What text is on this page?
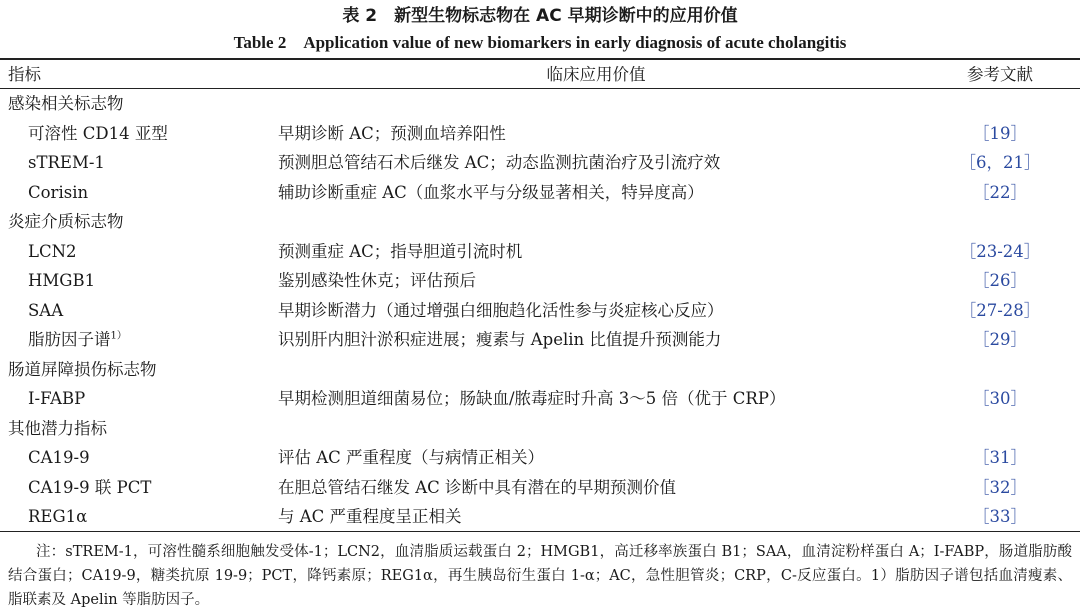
表 2　新型生物标志物在 AC 早期诊断中的应用价值
Table 2　Application value of new biomarkers in early diagnosis of acute cholangitis
指标	临床应用价值	参考文献
感染相关标志物
可溶性 CD14 亚型	早期诊断 AC；预测血培养阳性	［19］
sTREM-1	预测胆总管结石术后继发 AC；动态监测抗菌治疗及引流疗效	［6，21］
Corisin	辅助诊断重症 AC（血浆水平与分级显著相关，特异度高）	［22］
炎症介质标志物
LCN2	预测重症 AC；指导胆道引流时机	［23-24］
HMGB1	鉴别感染性休克；评估预后	［26］
SAA	早期诊断潜力（通过增强白细胞趋化活性参与炎症核心反应）	［27-28］
脂肪因子谱$^{1)}$	识别肝内胆汁淤积症进展；瘦素与 Apelin 比值提升预测能力	［29］
肠道屏障损伤标志物
I-FABP	早期检测胆道细菌易位；肠缺血/脓毒症时升高 3～5 倍（优于 CRP）	［30］
其他潜力指标
CA19-9	评估 AC 严重程度（与病情正相关）	［31］
CA19-9 联 PCT	在胆总管结石继发 AC 诊断中具有潜在的早期预测价值	［32］
REG1α	与 AC 严重程度呈正相关	［33］
注：sTREM-1，可溶性髓系细胞触发受体-1；LCN2，血清脂质运载蛋白 2；HMGB1，高迁移率族蛋白 B1；SAA，血清淀粉样蛋白 A；I-FABP，肠道脂肪酸结合蛋白；CA19-9，糖类抗原 19-9；PCT，降钙素原；REG1α，再生胰岛衍生蛋白 1-α；AC，急性胆管炎；CRP，C-反应蛋白。1）脂肪因子谱包括血清瘦素、脂联素及 Apelin 等脂肪因子。
